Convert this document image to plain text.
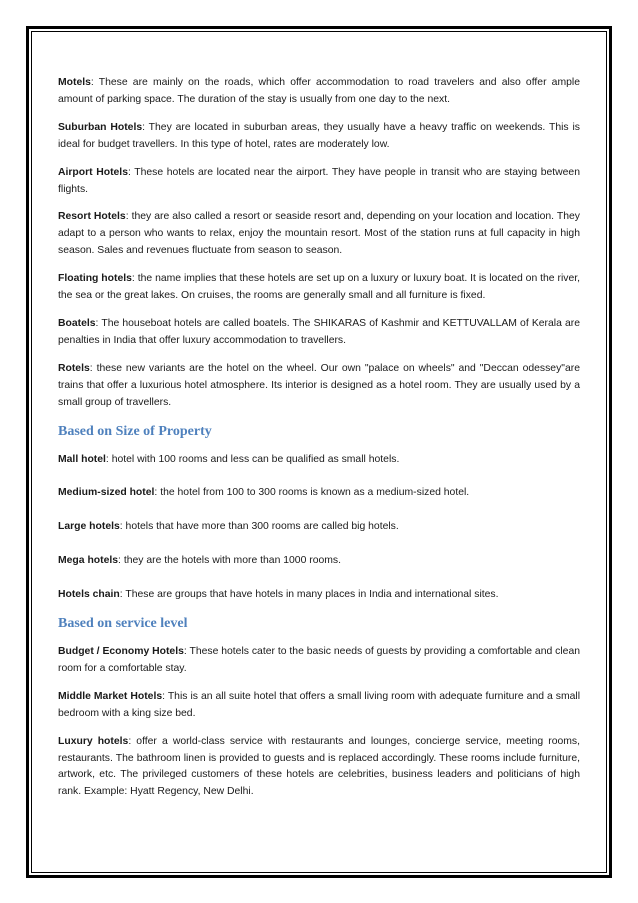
Motels: These are mainly on the roads, which offer accommodation to road travelers and also offer ample amount of parking space. The duration of the stay is usually from one day to the next.

Suburban Hotels: They are located in suburban areas, they usually have a heavy traffic on weekends. This is ideal for budget travellers. In this type of hotel, rates are moderately low.

Airport Hotels: These hotels are located near the airport. They have people in transit who are staying between flights.

Resort Hotels: they are also called a resort or seaside resort and, depending on your location and location. They adapt to a person who wants to relax, enjoy the mountain resort. Most of the station runs at full capacity in high season. Sales and revenues fluctuate from season to season.

Floating hotels: the name implies that these hotels are set up on a luxury or luxury boat. It is located on the river, the sea or the great lakes. On cruises, the rooms are generally small and all furniture is fixed.

Boatels: The houseboat hotels are called boatels. The SHIKARAS of Kashmir and KETTUVALLAM of Kerala are penalties in India that offer luxury accommodation to travellers.

Rotels: these new variants are the hotel on the wheel. Our own "palace on wheels" and "Deccan odessey"are trains that offer a luxurious hotel atmosphere. Its interior is designed as a hotel room. They are usually used by a small group of travellers.

Based on Size of Property

Mall hotel: hotel with 100 rooms and less can be qualified as small hotels.

Medium-sized hotel: the hotel from 100 to 300 rooms is known as a medium-sized hotel.

Large hotels: hotels that have more than 300 rooms are called big hotels.

Mega hotels: they are the hotels with more than 1000 rooms.

Hotels chain: These are groups that have hotels in many places in India and international sites.

Based on service level

Budget / Economy Hotels: These hotels cater to the basic needs of guests by providing a comfortable and clean room for a comfortable stay.

Middle Market Hotels: This is an all suite hotel that offers a small living room with adequate furniture and a small bedroom with a king size bed.

Luxury hotels: offer a world-class service with restaurants and lounges, concierge service, meeting rooms, restaurants. The bathroom linen is provided to guests and is replaced accordingly. These rooms include furniture, artwork, etc. The privileged customers of these hotels are celebrities, business leaders and politicians of high rank. Example: Hyatt Regency, New Delhi.
